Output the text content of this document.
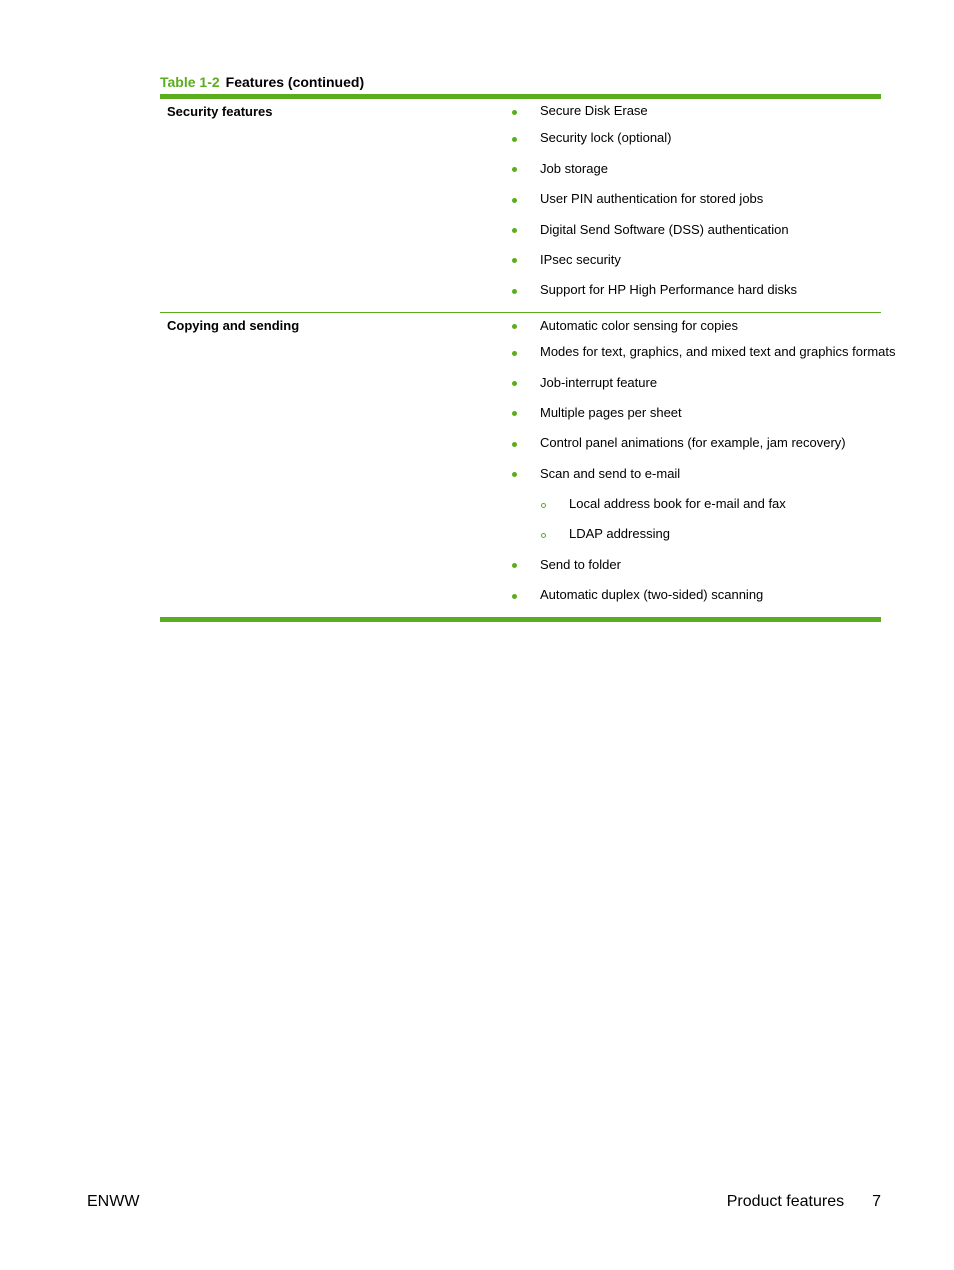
Table 1-2 Features (continued)
Security features	Secure Disk Erase
Security lock (optional)
Job storage
User PIN authentication for stored jobs
Digital Send Software (DSS) authentication
IPsec security
Support for HP High Performance hard disks
Copying and sending	Automatic color sensing for copies
Modes for text, graphics, and mixed text and graphics formats
Job-interrupt feature
Multiple pages per sheet
Control panel animations (for example, jam recovery)
Scan and send to e-mail
Local address book for e-mail and fax
LDAP addressing
Send to folder
Automatic duplex (two-sided) scanning
ENWW	Product features 7
